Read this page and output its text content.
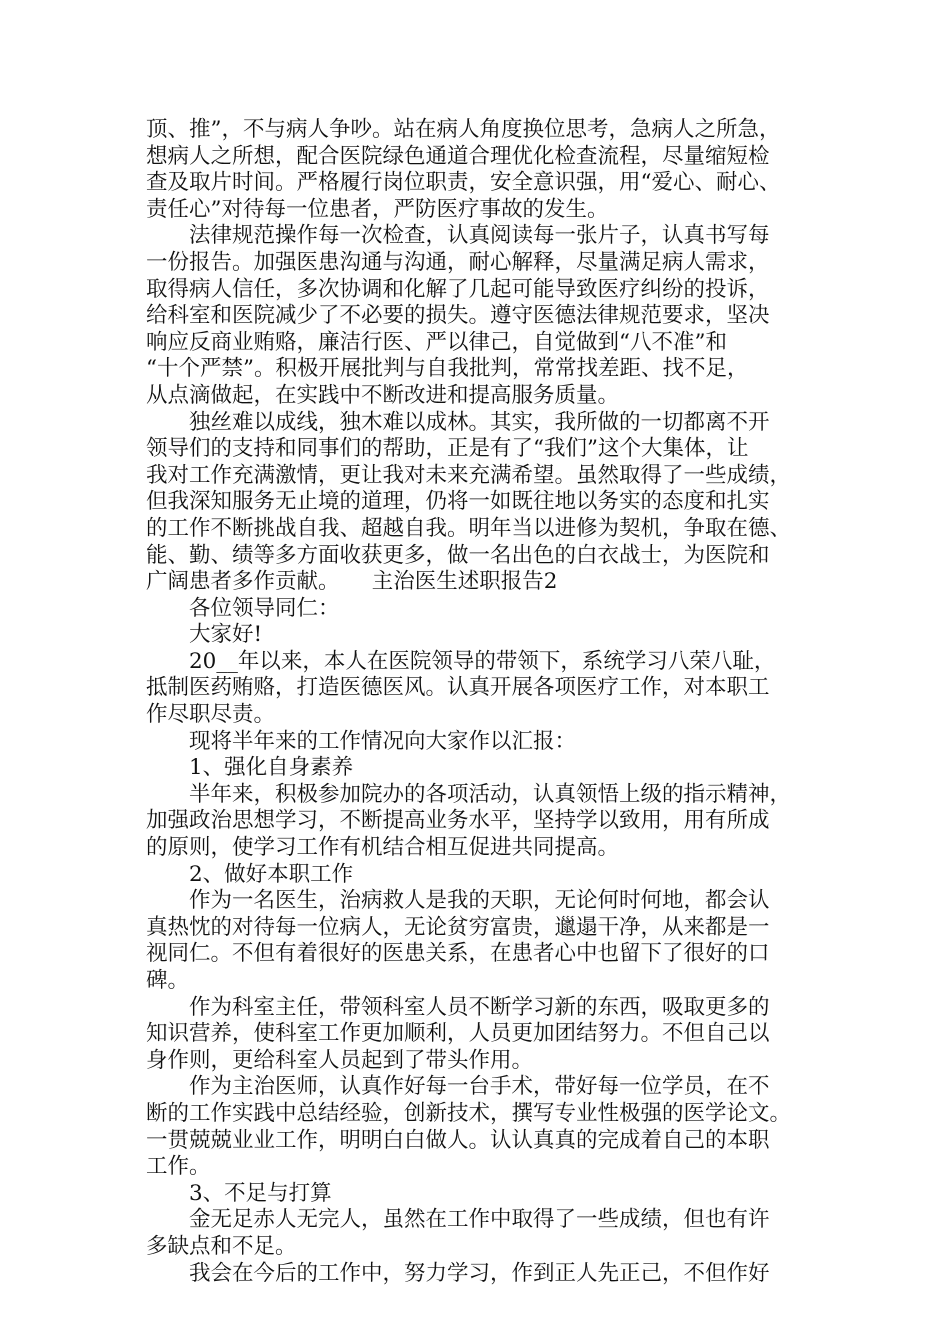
顶、推”，不与病人争吵。站在病人角度换位思考，急病人之所急，
想病人之所想，配合医院绿色通道合理优化检查流程，尽量缩短检
查及取片时间。严格履行岗位职责，安全意识强，用“爱心、耐心、
责任心”对待每一位患者，严防医疗事故的发生。
法律规范操作每一次检查，认真阅读每一张片子，认真书写每
一份报告。加强医患沟通与沟通，耐心解释，尽量满足病人需求，
取得病人信任，多次协调和化解了几起可能导致医疗纠纷的投诉，
给科室和医院减少了不必要的损失。遵守医德法律规范要求，坚决
响应反商业贿赂，廉洁行医、严以律己，自觉做到“八不准”和
“十个严禁”。积极开展批判与自我批判，常常找差距、找不足，
从点滴做起，在实践中不断改进和提高服务质量。
独丝难以成线，独木难以成林。其实，我所做的一切都离不开
领导们的支持和同事们的帮助，正是有了“我们”这个大集体，让
我对工作充满激情，更让我对未来充满希望。虽然取得了一些成绩，
但我深知服务无止境的道理，仍将一如既往地以务实的态度和扎实
的工作不断挑战自我、超越自我。明年当以进修为契机，争取在德、
能、勤、绩等多方面收获更多，做一名出色的白衣战士，为医院和
广阔患者多作贡献。　　主治医生述职报告2
各位领导同仁：
大家好!
20__年以来，本人在医院领导的带领下，系统学习八荣八耻，
抵制医药贿赂，打造医德医风。认真开展各项医疗工作，对本职工
作尽职尽责。
现将半年来的工作情况向大家作以汇报：
1、强化自身素养
半年来，积极参加院办的各项活动，认真领悟上级的指示精神，
加强政治思想学习，不断提高业务水平，坚持学以致用，用有所成
的原则，使学习工作有机结合相互促进共同提高。
2、做好本职工作
作为一名医生，治病救人是我的天职，无论何时何地，都会认
真热忱的对待每一位病人，无论贫穷富贵，邋遢干净，从来都是一
视同仁。不但有着很好的医患关系，在患者心中也留下了很好的口
碑。
作为科室主任，带领科室人员不断学习新的东西，吸取更多的
知识营养，使科室工作更加顺利，人员更加团结努力。不但自己以
身作则，更给科室人员起到了带头作用。
作为主治医师，认真作好每一台手术，带好每一位学员，在不
断的工作实践中总结经验，创新技术，撰写专业性极强的医学论文。
一贯兢兢业业工作，明明白白做人。认认真真的完成着自己的本职
工作。
3、不足与打算
金无足赤人无完人，虽然在工作中取得了一些成绩，但也有许
多缺点和不足。
我会在今后的工作中，努力学习，作到正人先正己，不但作好
